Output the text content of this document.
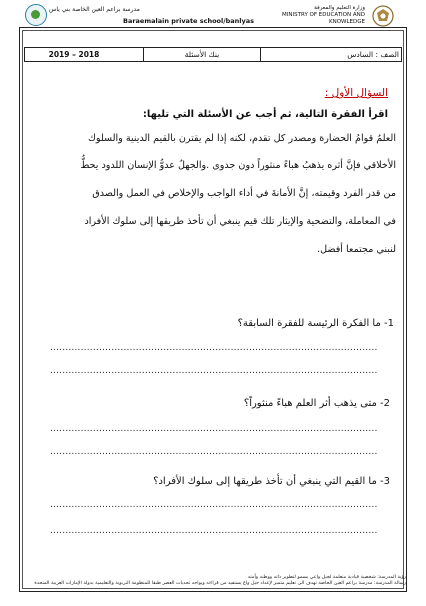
مدرسة براعم العين الخاصة بني ياس
Baraemalain private school/banlyas
وزارة التعليم والمعرفة
MINISTRY OF EDUCATION AND KNOWLEDGE
2019 – 2018	بنك الأسئلة	الصف : السادس
السؤال الأول :
اقرأ الفقرة التالية، ثم أجب عن الأسئلة التي تليها:
العلمُ قوامُ الحضارة ومصدر كل تقدم، لكنه إذا لم يقترن بالقيم الدينية والسلوك
الأخلاقي فإنَّ أثره يذهبُ هباءً منثوراً دون جدوى .والجهلُ عدوُّ الإنسان اللدود يحطُّ
من قدر الفرد وقيمته، إنَّ الأمانةَ في أداء الواجب والإخلاص في العمل والصدق
في المعاملة، والتضحية والإيثار تلك قيم ينبغي أن تأخذ طريقها إلى سلوك الأفراد
لنبني مجتمعا أفضل.
1- ما الفكرة الرئيسة للفقرة السابقة؟
...........................................................................................................
...........................................................................................................
2- متى يذهب أثر العلم هباءً منثوراً؟
...........................................................................................................
...........................................................................................................
3- ما القيم التي ينبغي أن تأخذ طريقها إلى سلوك الأفراد؟
...........................................................................................................
...........................................................................................................
رؤية المدرسة: شخصية قيادية متعلمة لجيل واعي يسمو لتطوير ذاته ووطنه وأمته
رسالة المدرسة: مدرسة براعم العين الخاصة تهدف الى تعليم متميز لإعداد جيل واع يستفيد من قراءته ويواجه تحديات العصر طبقا للمنظومة التربوية والتعليمية بدولة الإمارات العربية المتحدة
